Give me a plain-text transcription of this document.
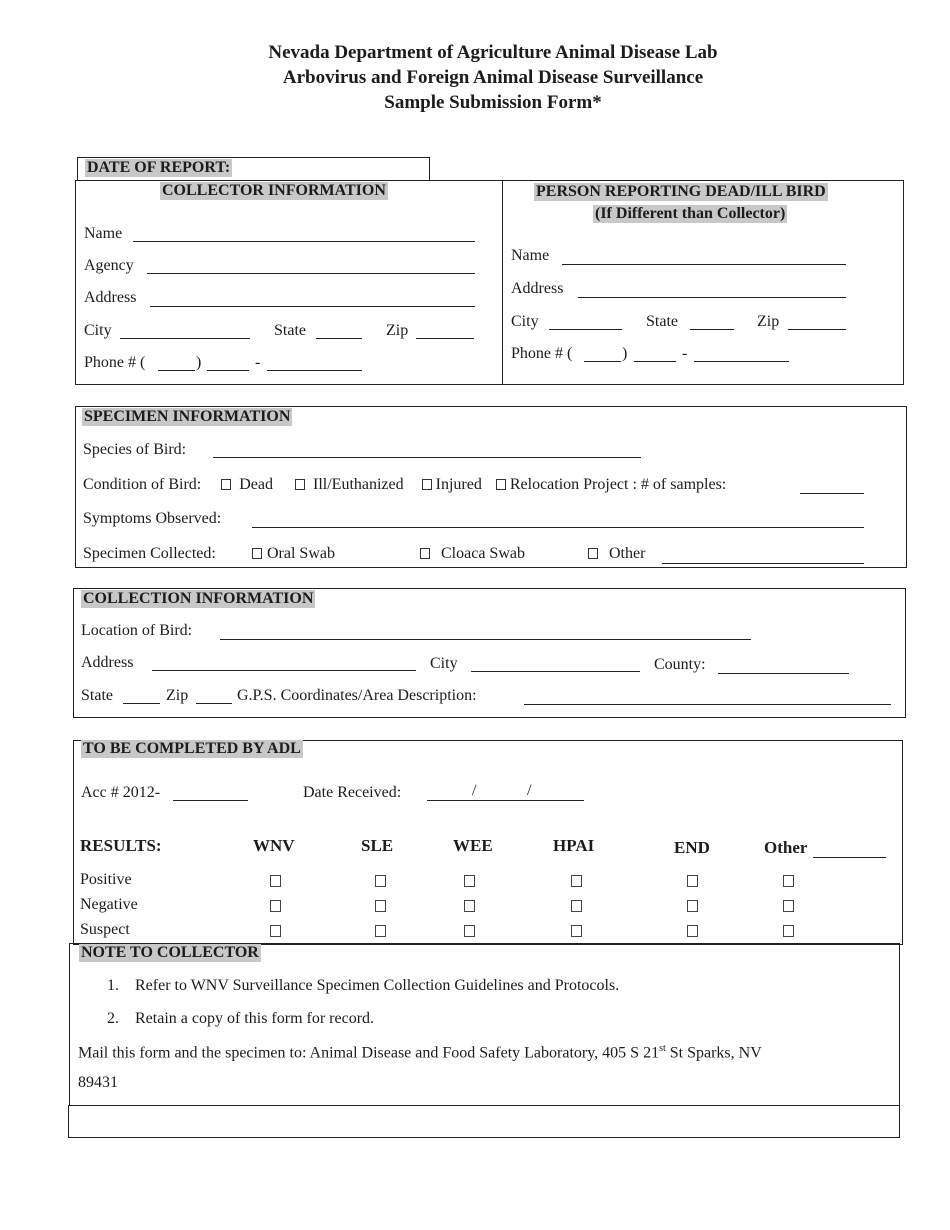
Nevada Department of Agriculture Animal Disease Lab
Arbovirus and Foreign Animal Disease Surveillance
Sample Submission Form*
DATE OF REPORT:
COLLECTOR INFORMATION
Name
Agency
Address
City	State	Zip
Phone # (	)	-
PERSON REPORTING DEAD/ILL BIRD
(If Different than Collector)
Name
Address
City	State	Zip
Phone # (	)	-
SPECIMEN INFORMATION
Species of Bird:
Condition of Bird: Dead	Ill/Euthanized Injured Relocation Project : # of samples:
Symptoms Observed:
Specimen Collected:	Oral Swab	Cloaca Swab	Other
COLLECTION INFORMATION
Location of Bird:
Address	City	County:
State	Zip	G.P.S. Coordinates/Area Description:
TO BE COMPLETED BY ADL
Acc # 2012-	Date Received:	/	/
RESULTS:	WNV	SLE	WEE	HPAI	END	Other
Positive
Negative
Suspect
NOTE TO COLLECTOR
1. Refer to WNV Surveillance Specimen Collection Guidelines and Protocols.
2. Retain a copy of this form for record.
Mail this form and the specimen to: Animal Disease and Food Safety Laboratory, 405 S 21st St Sparks, NV
89431
